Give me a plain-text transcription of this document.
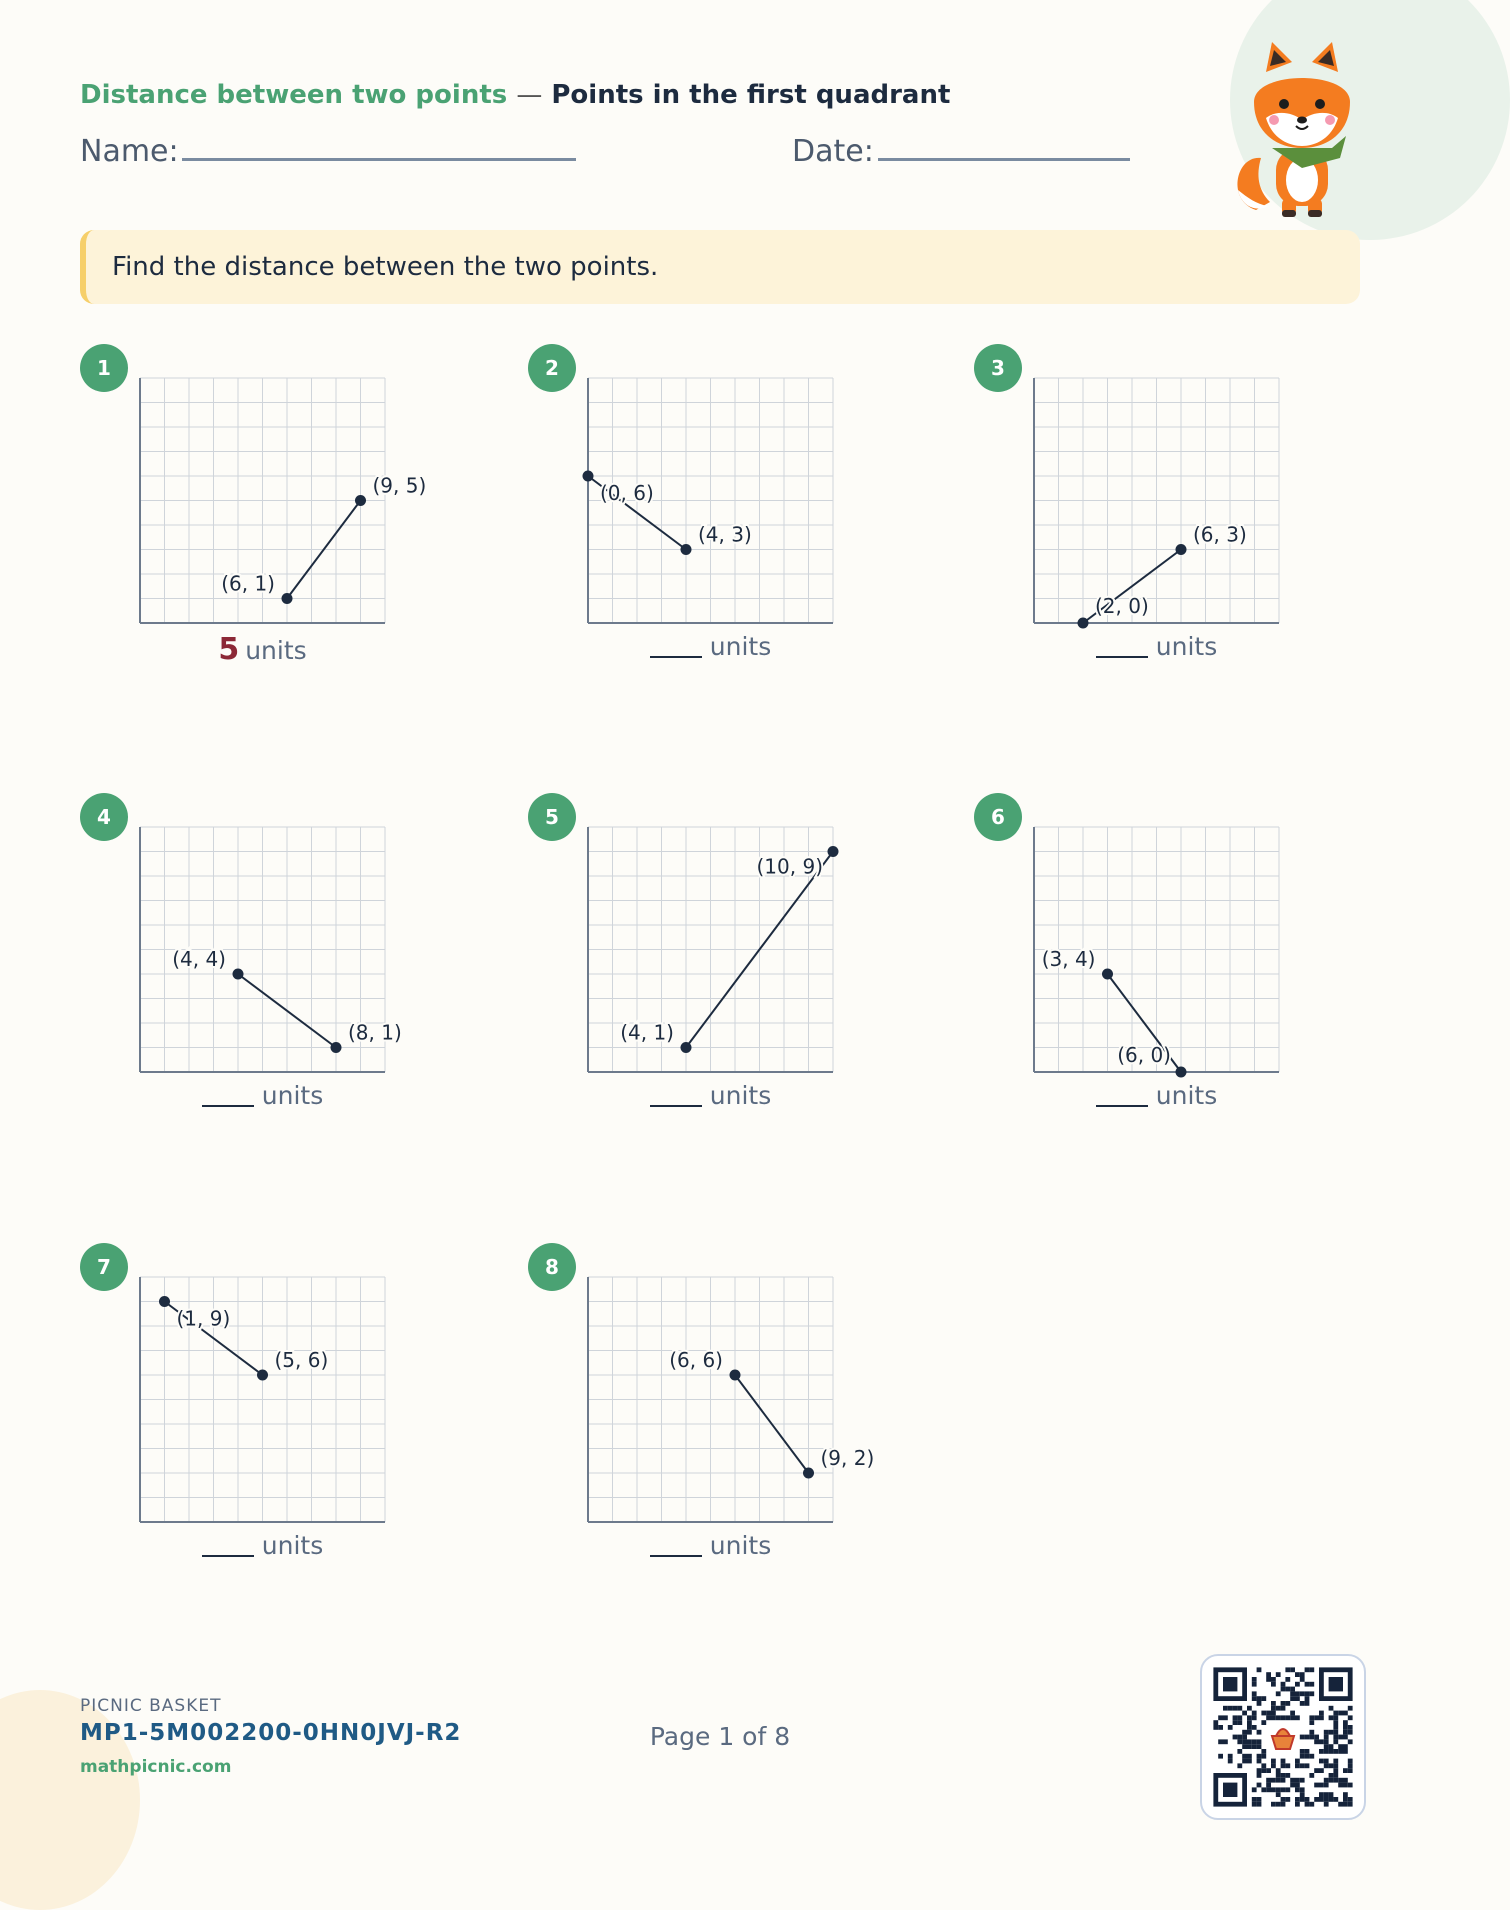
Distance between two points — Points in the first quadrant
Name:	Date:
Find the distance between the two points.
1
(6, 1)
(9, 5)
5 units
2
(0, 6)
(4, 3)
units
3
(2, 0)
(6, 3)
units
4
(4, 4)
(8, 1)
units
5
(4, 1)
(10, 9)
units
6
(3, 4)
(6, 0)
units
7
(1, 9)
(5, 6)
units
8
(6, 6)
(9, 2)
units
PICNIC BASKET
MP1-5M002200-0HN0JVJ-R2
mathpicnic.com
Page 1 of 8
